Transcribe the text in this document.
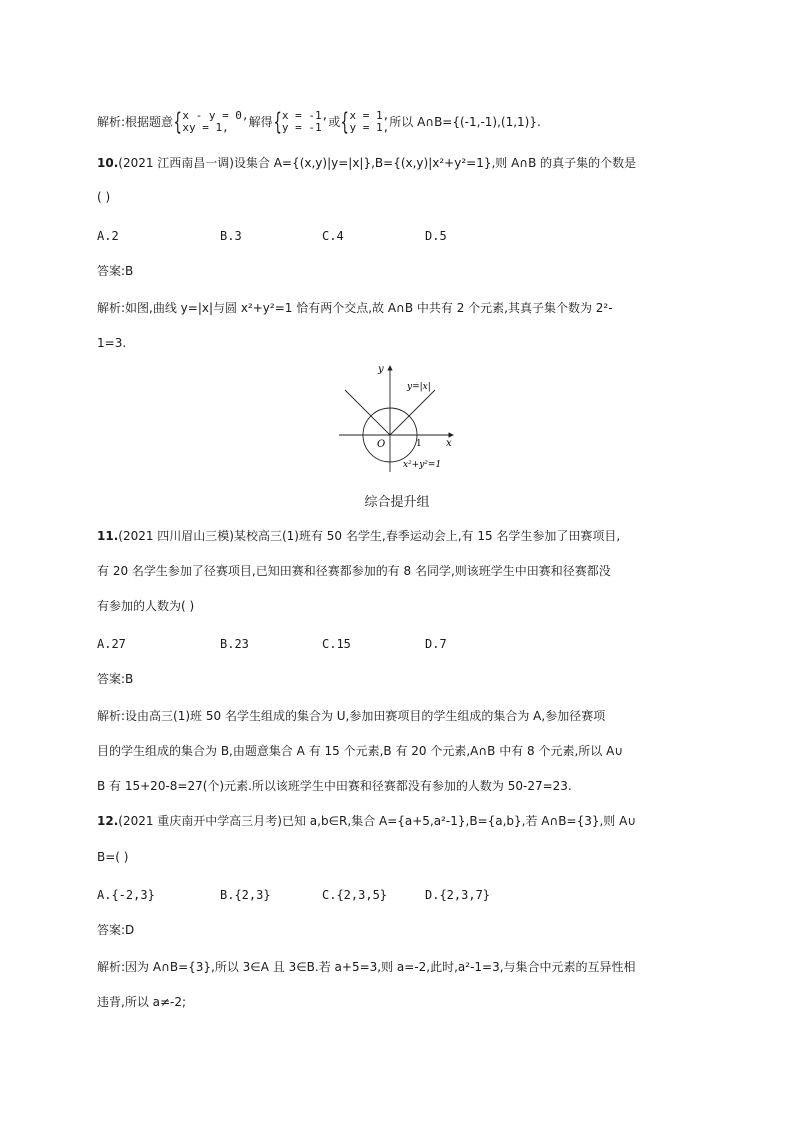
解析:根据题意{x - y = 0,
xy = 1, 解得{x = -1,
y = -1 或{x = 1,
y = 1,所以 A∩B={(-1,-1),(1,1)}.
10.(2021 江西南昌一调)设集合 A={(x,y)|y=|x|},B={(x,y)|x²+y²=1},则 A∩B 的真子集的个数是
( )
A.2	B.3	C.4	D.5
答案:B
解析:如图,曲线 y=|x|与圆 x²+y²=1 恰有两个交点,故 A∩B 中共有 2 个元素,其真子集个数为 2²-
1=3.
y
x
O	1
y=|x|
x²+y²=1
综合提升组
11.(2021 四川眉山三模)某校高三(1)班有 50 名学生,春季运动会上,有 15 名学生参加了田赛项目,
有 20 名学生参加了径赛项目,已知田赛和径赛都参加的有 8 名同学,则该班学生中田赛和径赛都没
有参加的人数为( )
A.27	B.23	C.15	D.7
答案:B
解析:设由高三(1)班 50 名学生组成的集合为 U,参加田赛项目的学生组成的集合为 A,参加径赛项
目的学生组成的集合为 B,由题意集合 A 有 15 个元素,B 有 20 个元素,A∩B 中有 8 个元素,所以 A∪
B 有 15+20-8=27(个)元素.所以该班学生中田赛和径赛都没有参加的人数为 50-27=23.
12.(2021 重庆南开中学高三月考)已知 a,b∈R,集合 A={a+5,a²-1},B={a,b},若 A∩B={3},则 A∪
B=( )
A.{-2,3}	B.{2,3}	C.{2,3,5}	D.{2,3,7}
答案:D
解析:因为 A∩B={3},所以 3∈A 且 3∈B.若 a+5=3,则 a=-2,此时,a²-1=3,与集合中元素的互异性相
违背,所以 a≠-2;
